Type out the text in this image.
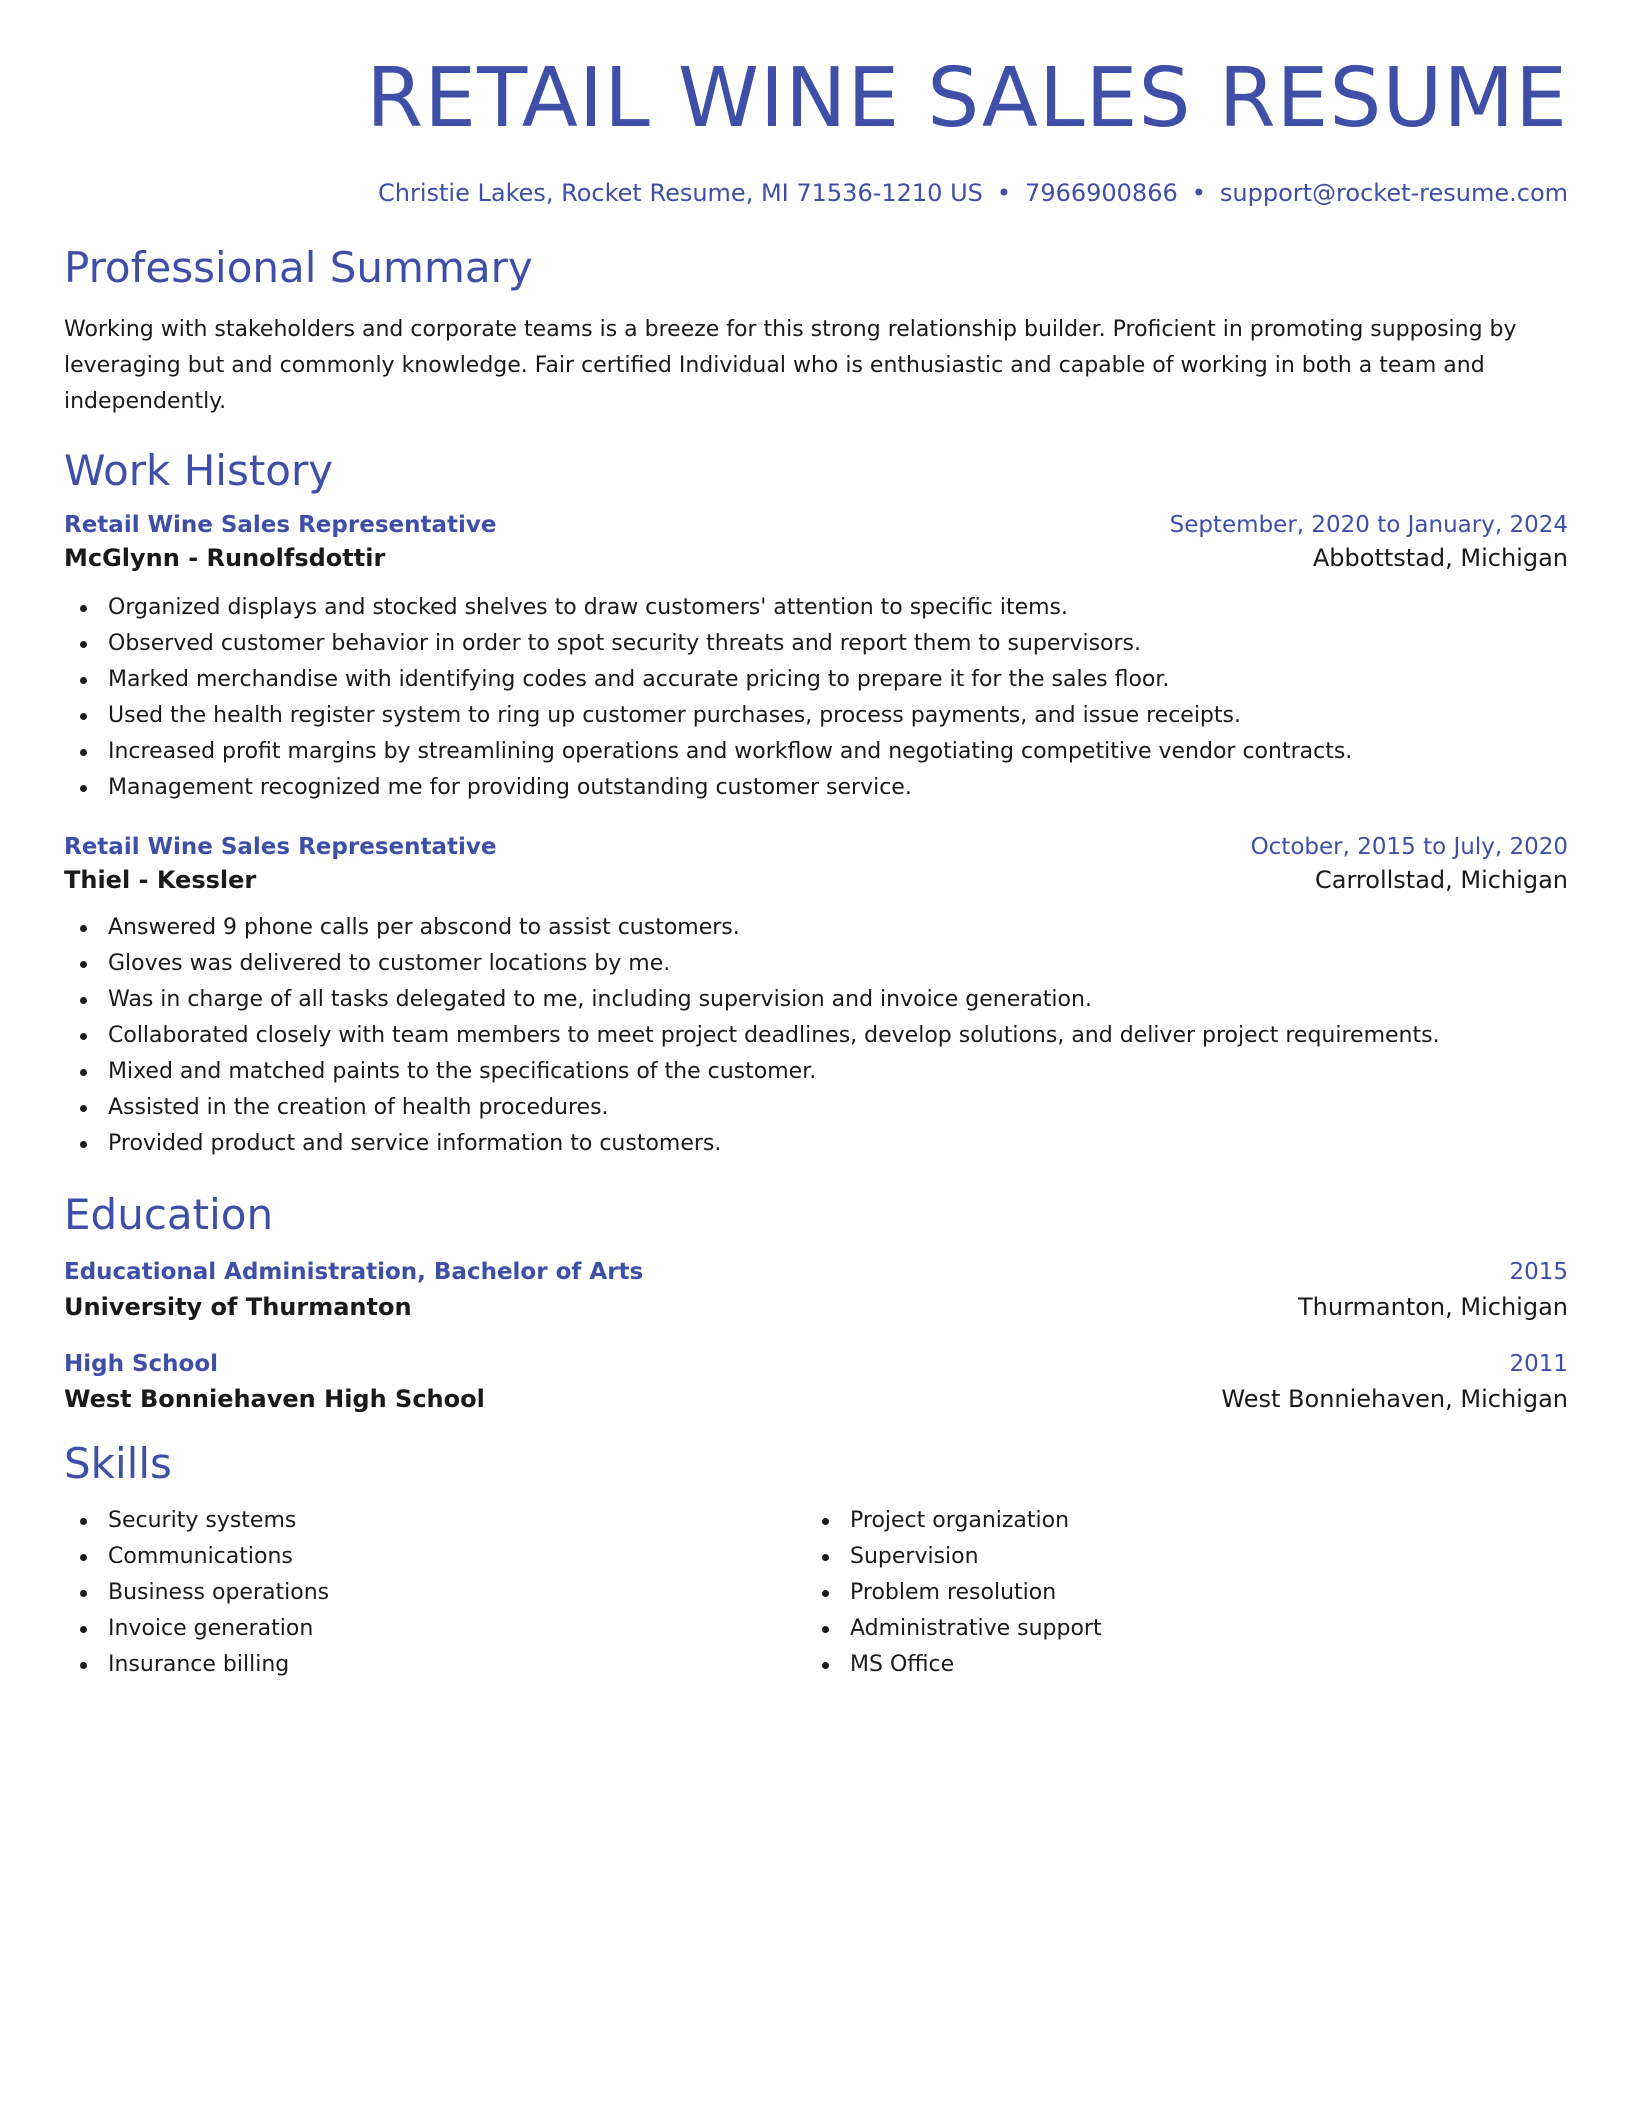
RETAIL WINE SALES RESUME
Christie Lakes, Rocket Resume, MI 71536-1210 US • 7966900866 • support@rocket-resume.com
Professional Summary

Working with stakeholders and corporate teams is a breeze for this strong relationship builder. Proficient in promoting supposing by leveraging but and commonly knowledge. Fair certified Individual who is enthusiastic and capable of working in both a team and independently.

Work History
Retail Wine Sales Representative	September, 2020 to January, 2024
McGlynn - Runolfsdottir	Abbottstad, Michigan
Organized displays and stocked shelves to draw customers' attention to specific items.
Observed customer behavior in order to spot security threats and report them to supervisors.
Marked merchandise with identifying codes and accurate pricing to prepare it for the sales floor.
Used the health register system to ring up customer purchases, process payments, and issue receipts.
Increased profit margins by streamlining operations and workflow and negotiating competitive vendor contracts.
Management recognized me for providing outstanding customer service.
Retail Wine Sales Representative	October, 2015 to July, 2020
Thiel - Kessler	Carrollstad, Michigan
Answered 9 phone calls per abscond to assist customers.
Gloves was delivered to customer locations by me.
Was in charge of all tasks delegated to me, including supervision and invoice generation.
Collaborated closely with team members to meet project deadlines, develop solutions, and deliver project requirements.
Mixed and matched paints to the specifications of the customer.
Assisted in the creation of health procedures.
Provided product and service information to customers.
Education
Educational Administration, Bachelor of Arts	2015
University of Thurmanton	Thurmanton, Michigan
High School	2011
West Bonniehaven High School	West Bonniehaven, Michigan
Skills
Security systems
Communications
Business operations
Invoice generation
Insurance billing
Project organization
Supervision
Problem resolution
Administrative support
MS Office
